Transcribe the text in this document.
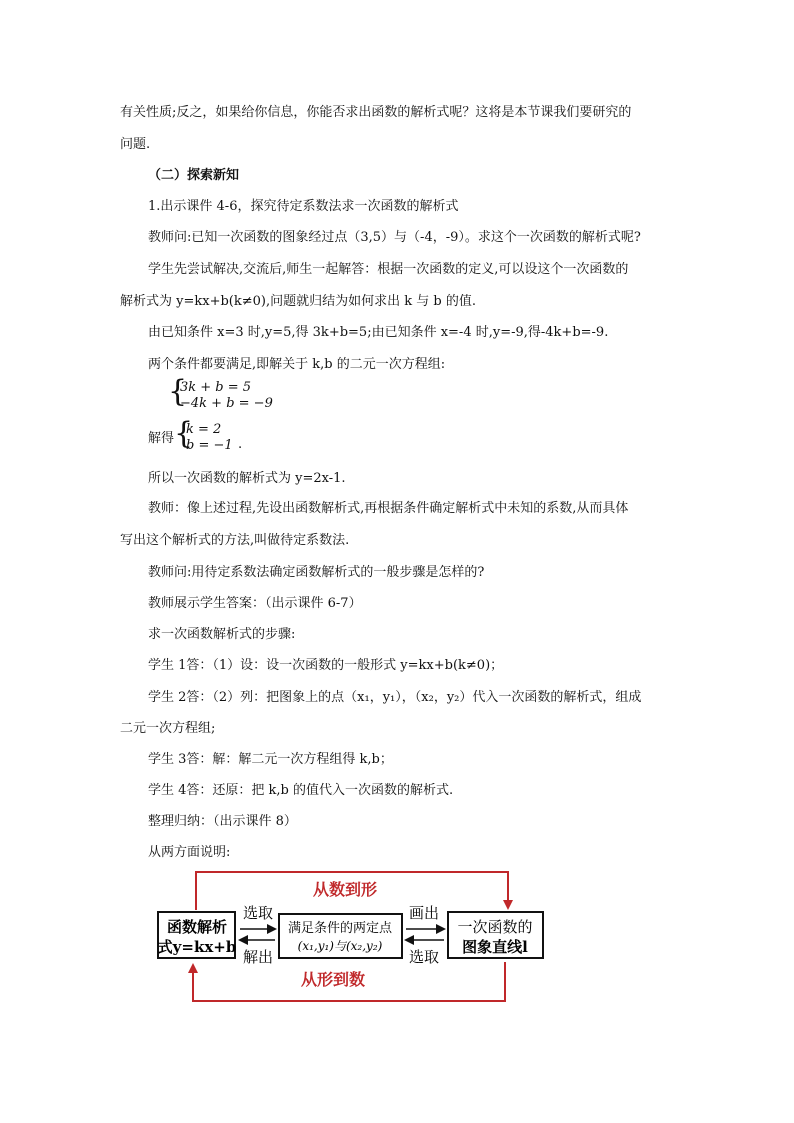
有关性质;反之，如果给你信息，你能否求出函数的解析式呢？这将是本节课我们要研究的
问题.
（二）探索新知
1.出示课件 4-6，探究待定系数法求一次函数的解析式
教师问:已知一次函数的图象经过点（3,5）与（-4，-9）。求这个一次函数的解析式呢?
学生先尝试解决,交流后,师生一起解答：根据一次函数的定义,可以设这个一次函数的
解析式为 y=kx+b(k≠0),问题就归结为如何求出 k 与 b 的值.
由已知条件 x=3 时,y=5,得 3k+b=5;由已知条件 x=-4 时,y=-9,得-4k+b=-9.
两个条件都要满足,即解关于 k,b 的二元一次方程组:
{
3k + b = 5
−4k + b = −9
解得 {
k = 2
b = −1 .
所以一次函数的解析式为 y=2x-1.
教师：像上述过程,先设出函数解析式,再根据条件确定解析式中未知的系数,从而具体
写出这个解析式的方法,叫做待定系数法.
教师问:用待定系数法确定函数解析式的一般步骤是怎样的?
教师展示学生答案：（出示课件 6-7）
求一次函数解析式的步骤:
学生 1答：（1）设：设一次函数的一般形式 y=kx+b(k≠0)；
学生 2答：（2）列：把图象上的点（x₁，y₁），（x₂，y₂）代入一次函数的解析式，组成
二元一次方程组;
学生 3答：解：解二元一次方程组得 k,b；
学生 4答：还原：把 k,b 的值代入一次函数的解析式.
整理归纳：（出示课件 8）
从两方面说明:
从数到形
从形到数
函数解析
式y=kx+b
满足条件的两定点
(x₁,y₁)与(x₂,y₂)
一次函数的
图象直线l
选取
解出
画出
选取
